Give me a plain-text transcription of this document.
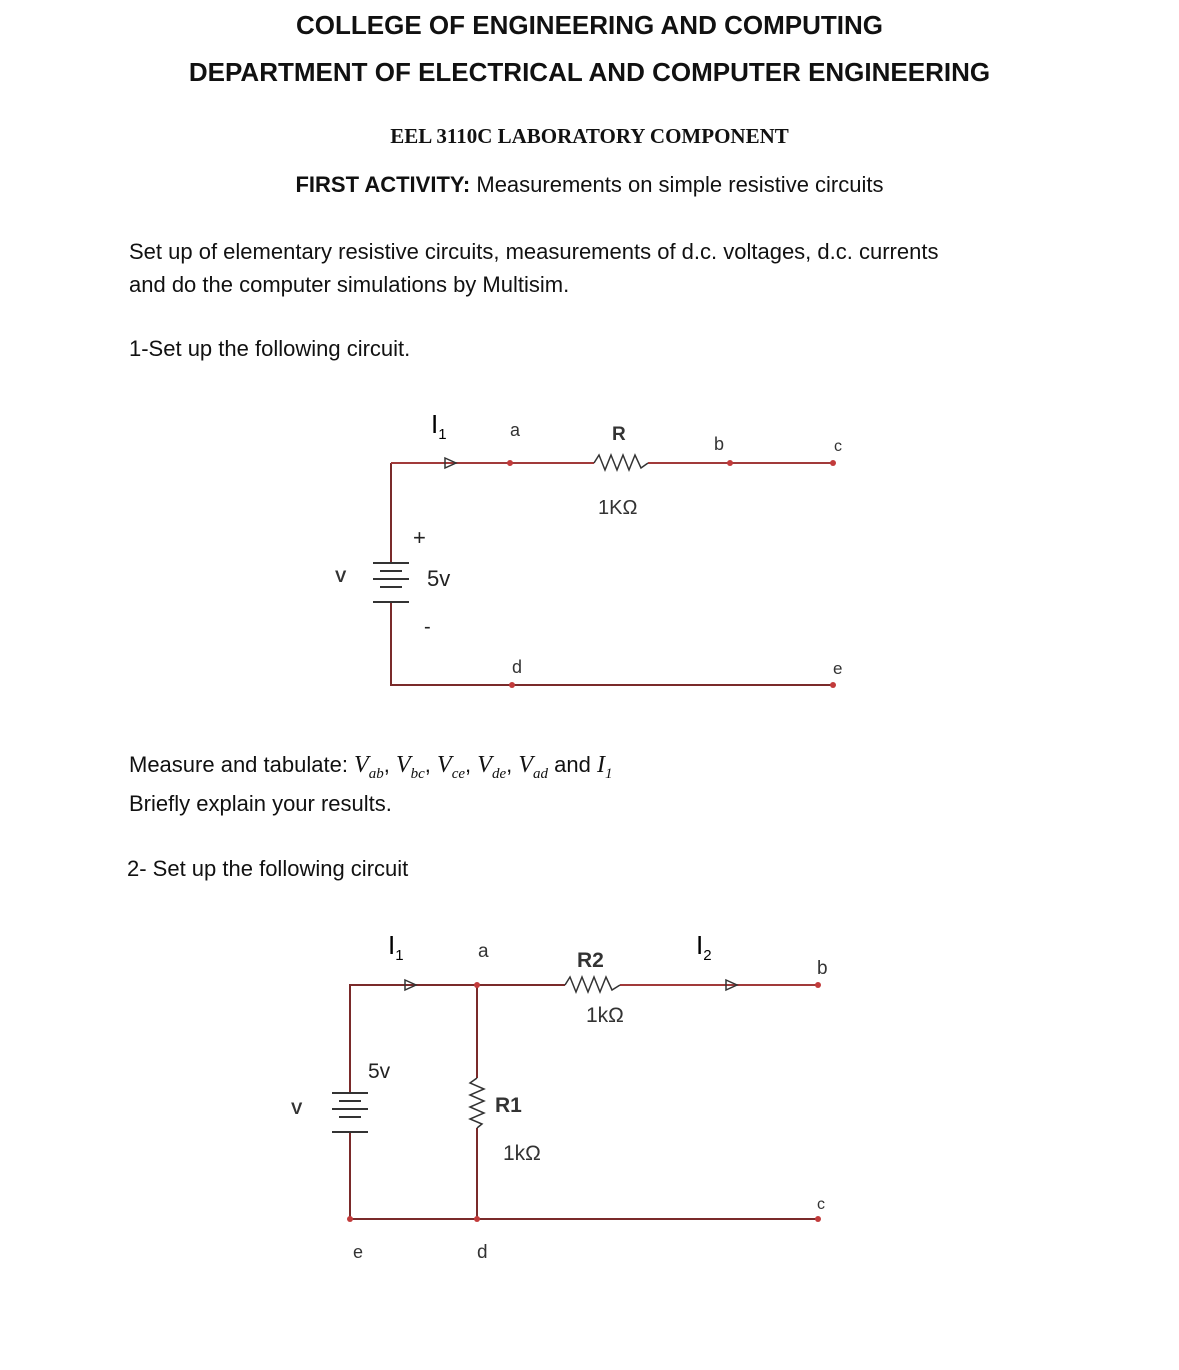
COLLEGE OF ENGINEERING AND COMPUTING
DEPARTMENT OF ELECTRICAL AND COMPUTER ENGINEERING
EEL 3110C LABORATORY COMPONENT
FIRST ACTIVITY: Measurements on simple resistive circuits
Set up of elementary resistive circuits, measurements of d.c. voltages, d.c. currents
and do the computer simulations by Multisim.
1-Set up the following circuit.
$I_1$	a	R	b	c
1KΩ
+
V	5v
-
d	e
Measure and tabulate: $V_{ab}$, $V_{bc}$, $V_{ce}$, $V_{de}$, $V_{ad}$ and $I_1$
Briefly explain your results.
2- Set up the following circuit
$I_1$	a	R2
$I_2$
b
1kΩ
5v
V	R1
1kΩ
c
d
e
